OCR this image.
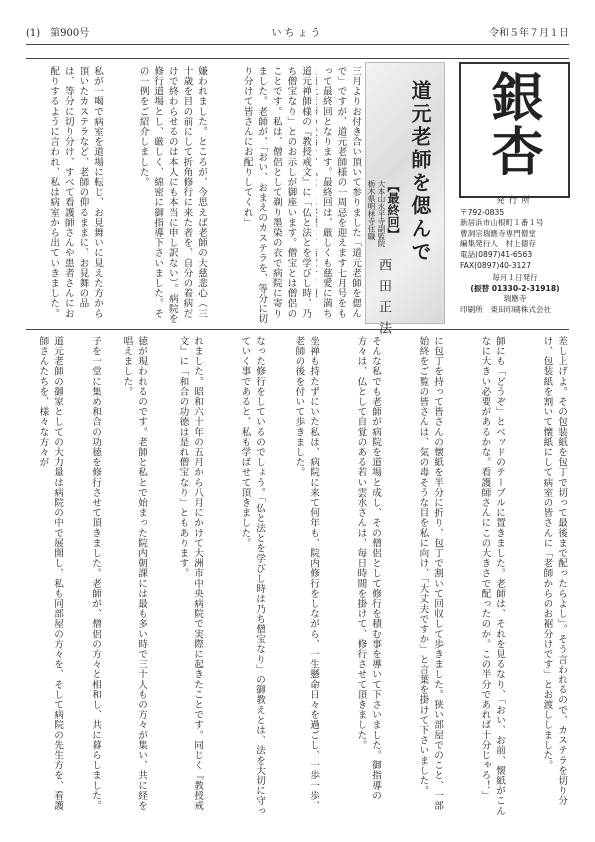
(1)　第900号	いちょう	令和５年７月１日
銀杏
発行所
〒792-0835
新居浜市山根町１番１号
曹洞宗瑞應寺専門僧堂
編集発行人　村上德存
電話(0897)41-6563
FAX(0897)40-3127
毎月１日発行
(振替 01330-2-31918)
瑞應寺
印刷所　東田印刷株式会社
道元老師を偲んで
【最終回】
大本山永平寺副監院
栃木県明林寺住職
西田正法
三月よりお付き合い頂いて参りました「道元老師を偲んで」ですが、道元老師様の一周忌を迎えます七月号をもって最終回となります。最終回は、厳しくも慈愛に満ち
道元禅師様の『教授戒文』に「仏と法とを学びし時、乃ち僧宝なり」とのお示しが御座います。僧宝とは僧侶のことです。私は、僧侶として剃り墨染の衣で病院に寄りました。老師が、「おい、おまえのカステラを、等分に切り分けて皆さんにお配りしてくれ」
嫌われました。ところが、今思えば老師の大慈悲心（三十歳を目の前にして折角修行に来た者を、自分の着病だけで終わらせるのは本人にも本当に申し訳ない）。病院を修行道場とし、厳しく、綿密に御指導下さいました。その一例をご紹介しました。
私が一喝で病室を道場に転じ、お見舞いに見えた方から頂いたカステラなど、老師の仰るままに、お見舞の品は、等分に切り分け、すべて看護師さんや患者さんにお配りするように言われ、私は病室から出ていきました。
差し上げよ。その包装紙を包丁で切って最後まで配ったらよし」。そう言われるので、カステラを切り分け、包装紙を割いて懐紙にして病室の皆さんに「老師からのお裾分けです」とお渡ししました。
師にも「どうぞ」とベッドのテーブルに置きました。老師は、それを見るなり、「おい、お前、懐紙がこんなに大きい必要があるかな。看護師さんにこの大きさで配ったのか。この半分であれば十分じゃろ！」
に包丁を持って皆さんの懐紙を半分に折り、包丁で割いて回収して歩きました。狭い部屋でのこと、一部始終をご覧の皆さんは、気の毒そうな目を私に向け、「大丈夫ですか」と言葉を掛けて下さいました。
そんな私でも老師が病院を道場と成し、その僧侶として修行を積む事を導いて下さいました。御指導の方々は、仏として自覚のある若い雲水さんは、毎日時間を掛けて、修行させて頂きました。
坐禅も持たずにいた私は、病院に来て何年も、院内修行をしながら、一生懸命日々を過ごし、一歩一歩、老師の後を付いて歩きました。
なった修行をしているのでしょう。「仏と法とを学びし時は乃ち僧宝なり」の御教えとは、法を大切に守っていく事であると、私も学ばせて頂きました。
れました。昭和六十年の五月から八月にかけて大洲市中央病院で実際に起きたことです。同じく『教授戒文』に「和合の功徳は是れ僧宝なり」ともあります。
徳が現われるのです。老師と私とで始まった院内朝課には最も多い時で三十人もの方々が集い、共に経を唱えました。
子を一堂に集め和合の功徳を修行させて頂きました。老師が、僧侶の方々と相和し、共に暮らしました。
道元老師の御家としての大力量は病院の中で展開し、私も同部屋の方々を、そして病院の先生方を、看護師さんたちを、様々な方々が
